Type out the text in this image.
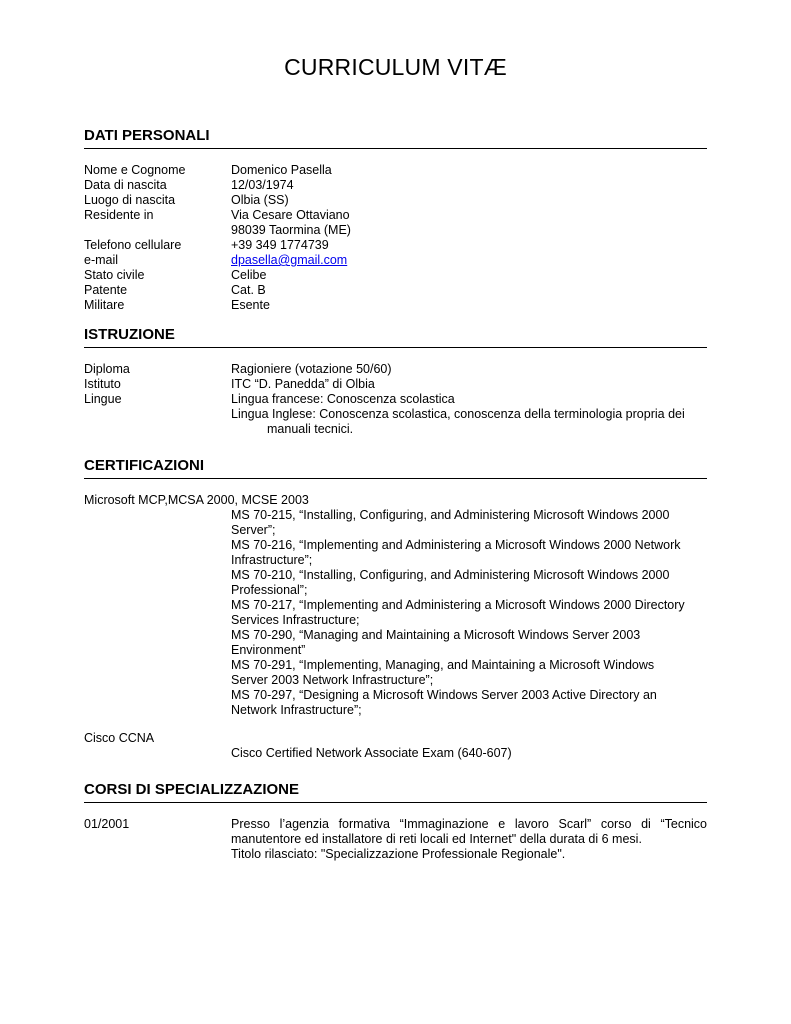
CURRICULUM VITÆ
DATI PERSONALI
Nome e Cognome	Domenico Pasella
Data di nascita	12/03/1974
Luogo di nascita	Olbia (SS)
Residente in	Via Cesare Ottaviano
98039 Taormina (ME)
Telefono cellulare	+39 349 1774739
e-mail	dpasella@gmail.com
Stato civile	Celibe
Patente	Cat. B
Militare	Esente
ISTRUZIONE
Diploma	Ragioniere (votazione 50/60)
Istituto	ITC “D. Panedda” di Olbia
Lingue	Lingua francese: Conoscenza scolastica
Lingua Inglese: Conoscenza scolastica, conoscenza della terminologia propria dei
manuali tecnici.
CERTIFICAZIONI
Microsoft MCP,MCSA 2000, MCSE 2003
MS 70-215, “Installing, Configuring, and Administering Microsoft Windows 2000
Server”;
MS 70-216, “Implementing and Administering a Microsoft Windows 2000 Network
Infrastructure”;
MS 70-210, “Installing, Configuring, and Administering Microsoft Windows 2000
Professional”;
MS 70-217, “Implementing and Administering a Microsoft Windows 2000 Directory
Services Infrastructure;
MS 70-290, “Managing and Maintaining a Microsoft Windows Server 2003
Environment”
MS 70-291, “Implementing, Managing, and Maintaining a Microsoft Windows
Server 2003 Network Infrastructure”;
MS 70-297, “Designing a Microsoft Windows Server 2003 Active Directory an
Network Infrastructure”;
Cisco CCNA
Cisco Certified Network Associate Exam (640-607)
CORSI DI SPECIALIZZAZIONE
01/2001	Presso l’agenzia formativa “Immaginazione e lavoro Scarl” corso di “Tecnico
manutentore ed installatore di reti locali ed Internet" della durata di 6 mesi.
Titolo rilasciato: "Specializzazione Professionale Regionale".
